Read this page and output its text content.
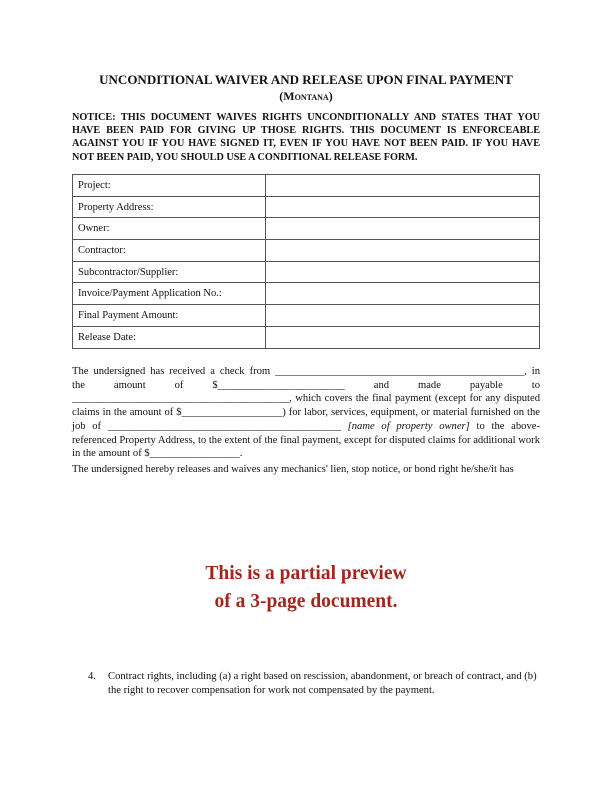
UNCONDITIONAL WAIVER AND RELEASE UPON FINAL PAYMENT
(Montana)
NOTICE: THIS DOCUMENT WAIVES RIGHTS UNCONDITIONALLY AND STATES THAT YOU HAVE BEEN PAID FOR GIVING UP THOSE RIGHTS. THIS DOCUMENT IS ENFORCEABLE AGAINST YOU IF YOU HAVE SIGNED IT, EVEN IF YOU HAVE NOT BEEN PAID. IF YOU HAVE NOT BEEN PAID, YOU SHOULD USE A CONDITIONAL RELEASE FORM.
Project:	
Property Address:	
Owner:	
Contractor:	
Subcontractor/Supplier:	
Invoice/Payment Application No.:	
Final Payment Amount:	
Release Date:	
The undersigned has received a check from _______________________________________________, in
the amount of $________________________ and made payable to
_________________________________________, which covers the final payment (except for any disputed claims in the amount of $___________________) for labor, services, equipment, or material furnished on the job of ____________________________________________ [name of property owner] to the above-referenced Property Address, to the extent of the final payment, except for disputed claims for additional work in the amount of $_________________.
The undersigned hereby releases and waives any mechanics' lien, stop notice, or bond right he/she/it has
This is a partial preview
of a 3-page document.
4. Contract rights, including (a) a right based on rescission, abandonment, or breach of contract, and (b) the right to recover compensation for work not compensated by the payment.
